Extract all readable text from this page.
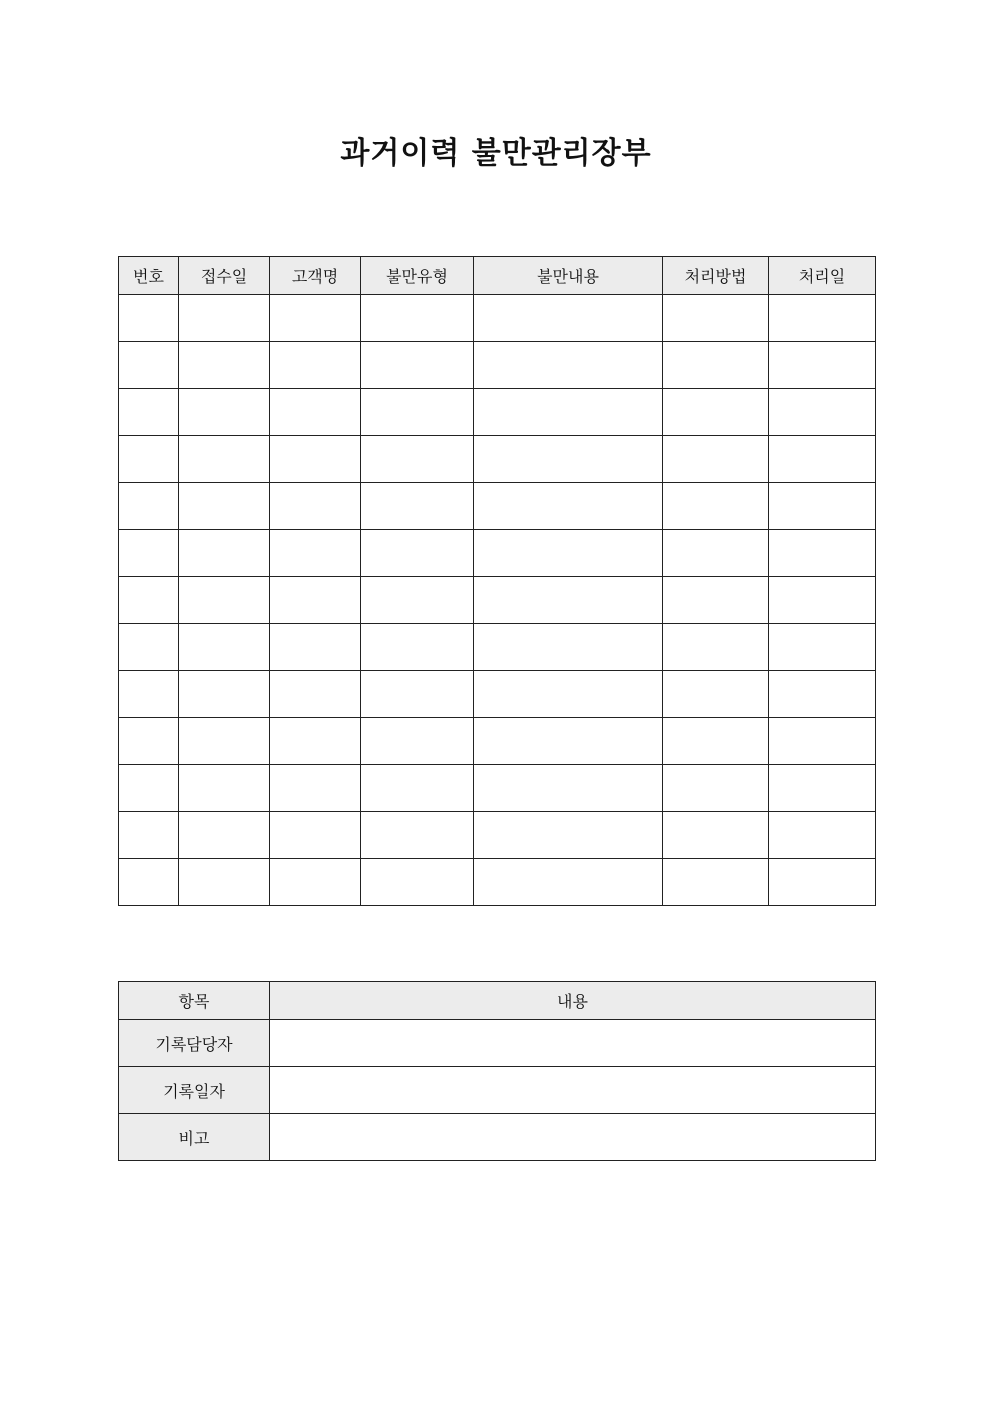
과거이력 불만관리장부
번호	접수일	고객명	불만유형	불만내용	처리방법	처리일

항목	내용
기록담당자	
기록일자	
비고	
